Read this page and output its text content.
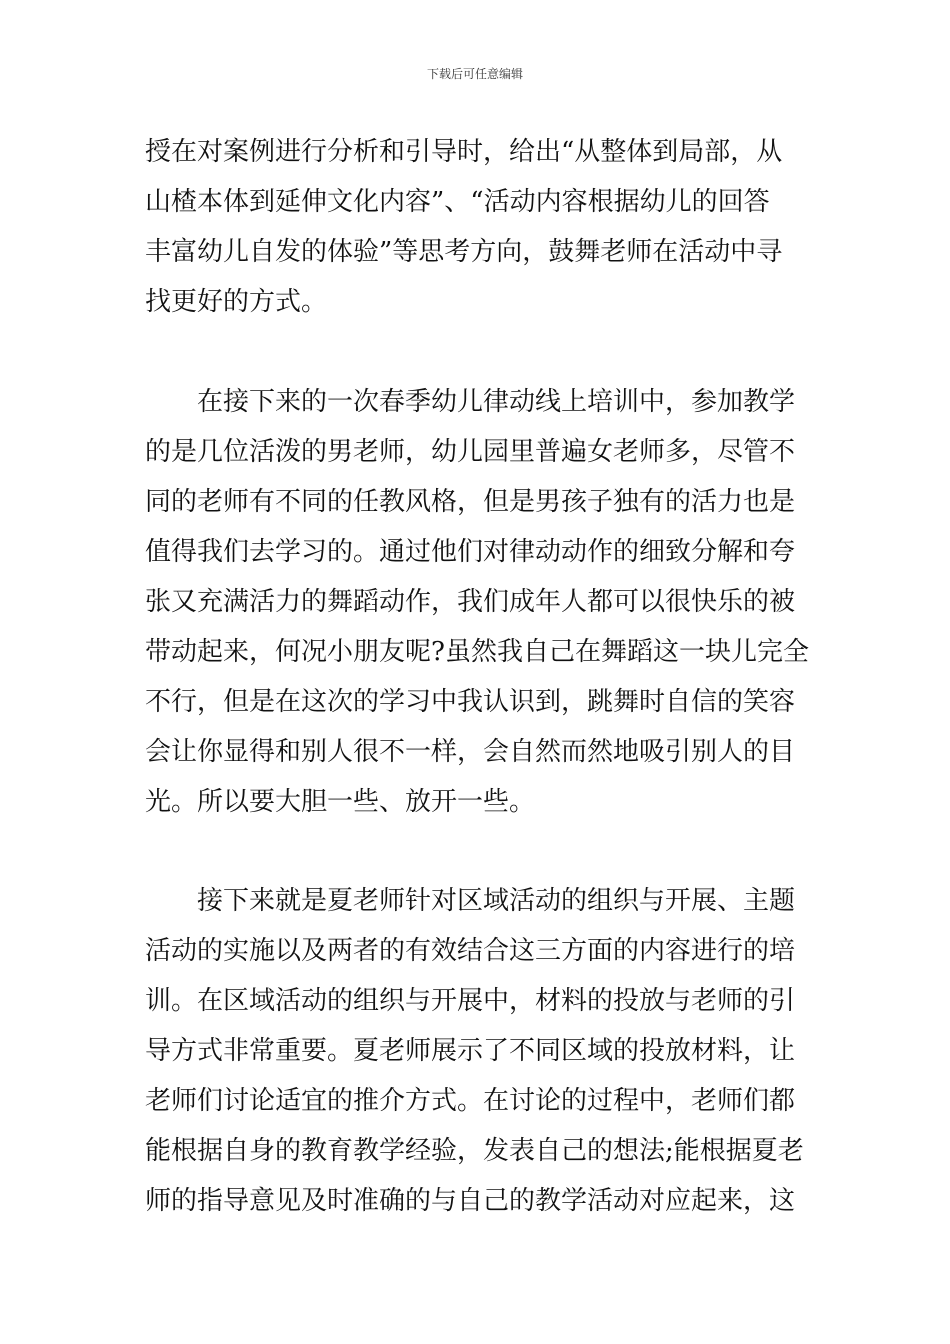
下载后可任意编辑
授在对案例进行分析和引导时，给出“从整体到局部，从
山楂本体到延伸文化内容”、“活动内容根据幼儿的回答
丰富幼儿自发的体验”等思考方向，鼓舞老师在活动中寻
找更好的方式。
在接下来的一次春季幼儿律动线上培训中，参加教学
的是几位活泼的男老师，幼儿园里普遍女老师多，尽管不
同的老师有不同的任教风格，但是男孩子独有的活力也是
值得我们去学习的。通过他们对律动动作的细致分解和夸
张又充满活力的舞蹈动作，我们成年人都可以很快乐的被
带动起来，何况小朋友呢?虽然我自己在舞蹈这一块儿完全
不行，但是在这次的学习中我认识到，跳舞时自信的笑容
会让你显得和别人很不一样，会自然而然地吸引别人的目
光。所以要大胆一些、放开一些。
接下来就是夏老师针对区域活动的组织与开展、主题
活动的实施以及两者的有效结合这三方面的内容进行的培
训。在区域活动的组织与开展中，材料的投放与老师的引
导方式非常重要。夏老师展示了不同区域的投放材料，让
老师们讨论适宜的推介方式。在讨论的过程中，老师们都
能根据自身的教育教学经验，发表自己的想法;能根据夏老
师的指导意见及时准确的与自己的教学活动对应起来，这
